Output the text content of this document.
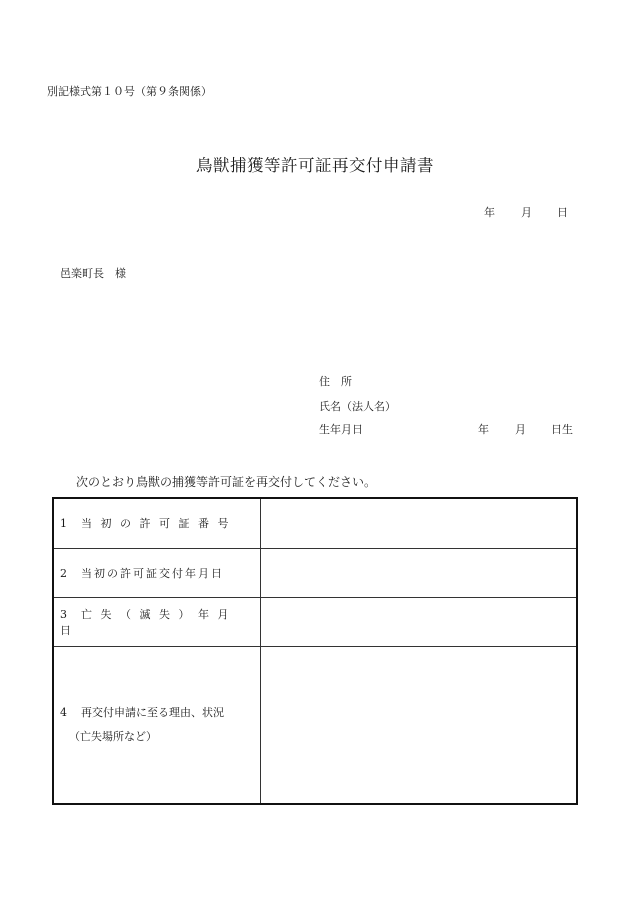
別記様式第１０号（第９条関係）
鳥獣捕獲等許可証再交付申請書
年 月 日
邑楽町長　様
住　所
氏名（法人名）
生年月日	年 月 日生
次のとおり鳥獣の捕獲等許可証を再交付してください。
1 当初の許可証番号	
2 当初の許可証交付年月日	
3 亡失（滅失）年月日	
4 再交付申請に至る理由、状況
（亡失場所など）	
